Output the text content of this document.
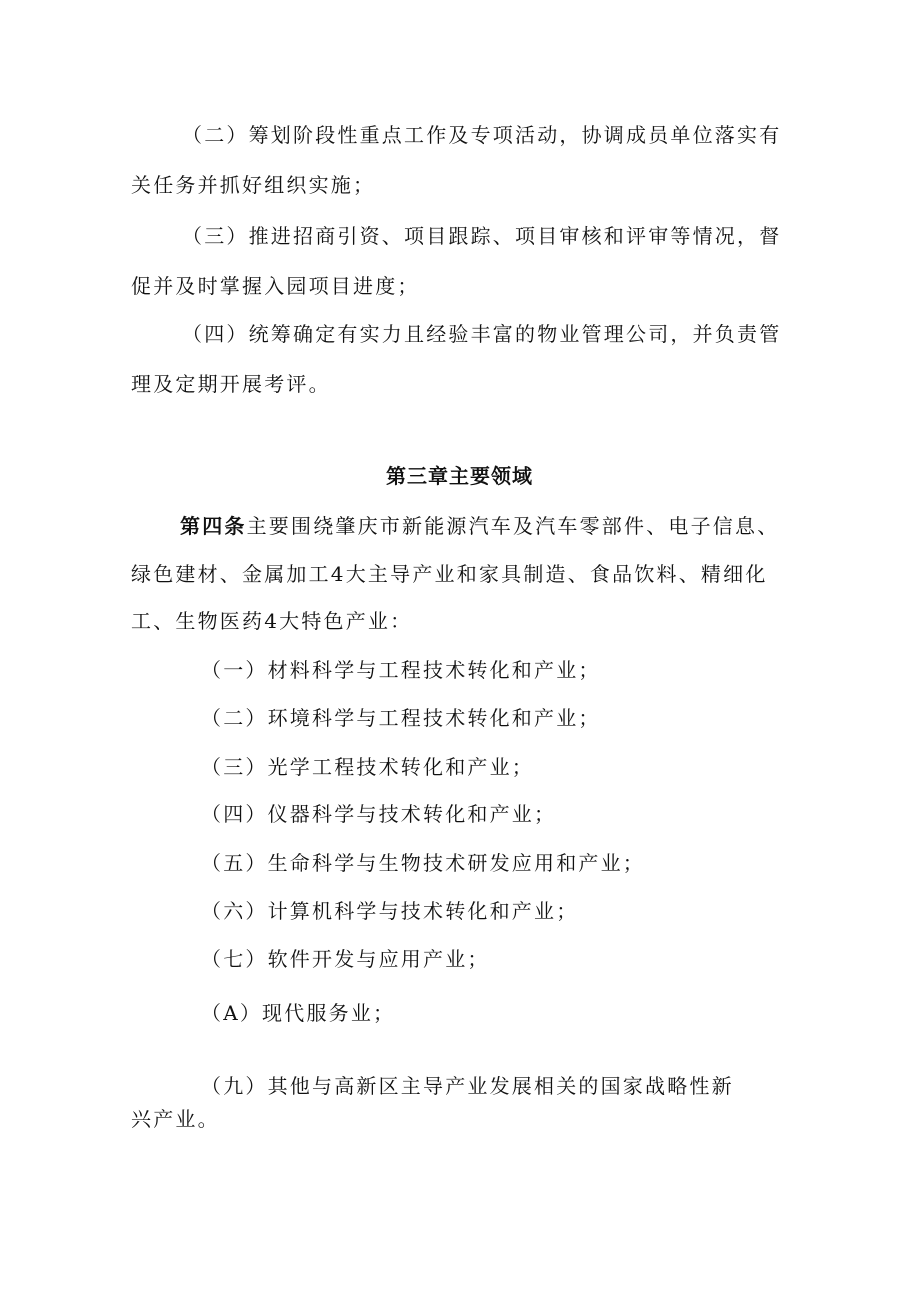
（二）筹划阶段性重点工作及专项活动，协调成员单位落实有
关任务并抓好组织实施；
（三）推进招商引资、项目跟踪、项目审核和评审等情况，督
促并及时掌握入园项目进度；
（四）统筹确定有实力且经验丰富的物业管理公司，并负责管
理及定期开展考评。
第三章主要领域
第四条主要围绕肇庆市新能源汽车及汽车零部件、电子信息、
绿色建材、金属加工4大主导产业和家具制造、食品饮料、精细化
工、生物医药4大特色产业：
（一）材料科学与工程技术转化和产业；
（二）环境科学与工程技术转化和产业；
（三）光学工程技术转化和产业；
（四）仪器科学与技术转化和产业；
（五）生命科学与生物技术研发应用和产业；
（六）计算机科学与技术转化和产业；
（七）软件开发与应用产业；
（A）现代服务业；
（九）其他与高新区主导产业发展相关的国家战略性新
兴产业。
